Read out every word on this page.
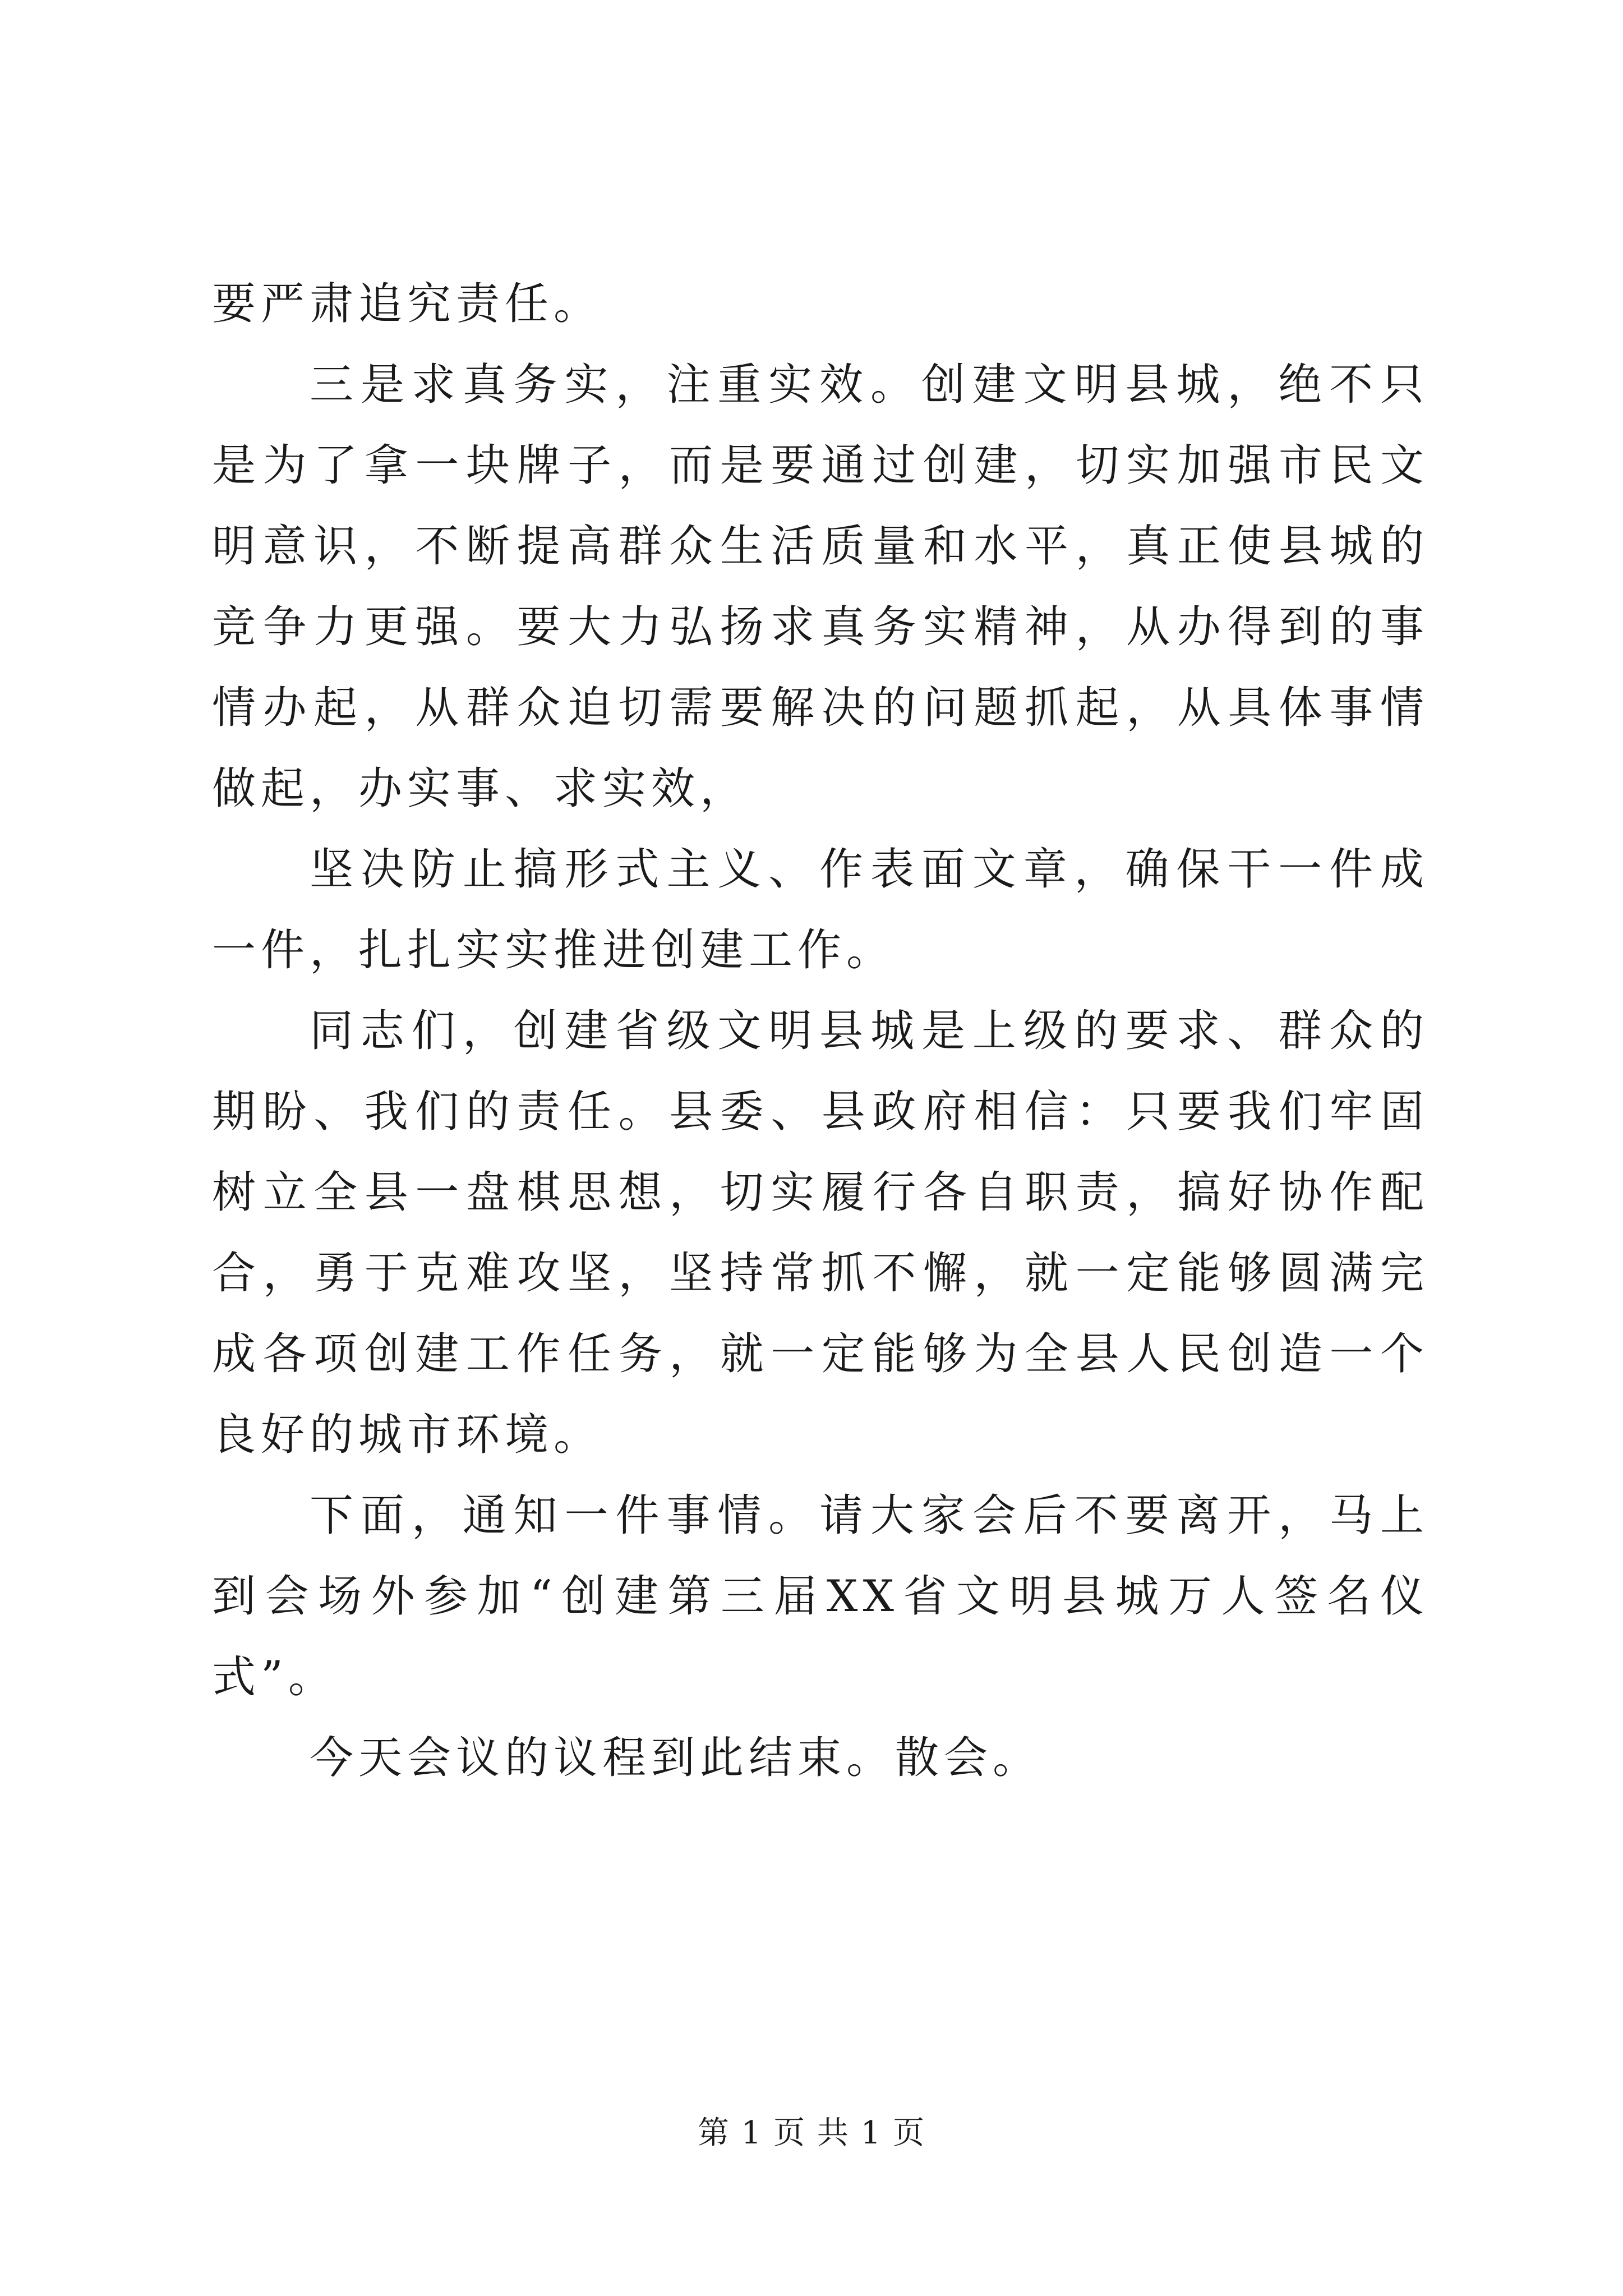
要严肃追究责任。

三是求真务实，注重实效。创建文明县城，绝不只是为了拿一块牌子，而是要通过创建，切实加强市民文明意识，不断提高群众生活质量和水平，真正使县城的竞争力更强。要大力弘扬求真务实精神，从办得到的事情办起，从群众迫切需要解决的问题抓起，从具体事情做起，办实事、求实效，

坚决防止搞形式主义、作表面文章，确保干一件成一件，扎扎实实推进创建工作。

同志们，创建省级文明县城是上级的要求、群众的期盼、我们的责任。县委、县政府相信：只要我们牢固树立全县一盘棋思想，切实履行各自职责，搞好协作配合，勇于克难攻坚，坚持常抓不懈，就一定能够圆满完成各项创建工作任务，就一定能够为全县人民创造一个良好的城市环境。

下面，通知一件事情。请大家会后不要离开，马上到会场外参加“创建第三届XX省文明县城万人签名仪式”。

今天会议的议程到此结束。散会。

第 1 页 共 1 页
